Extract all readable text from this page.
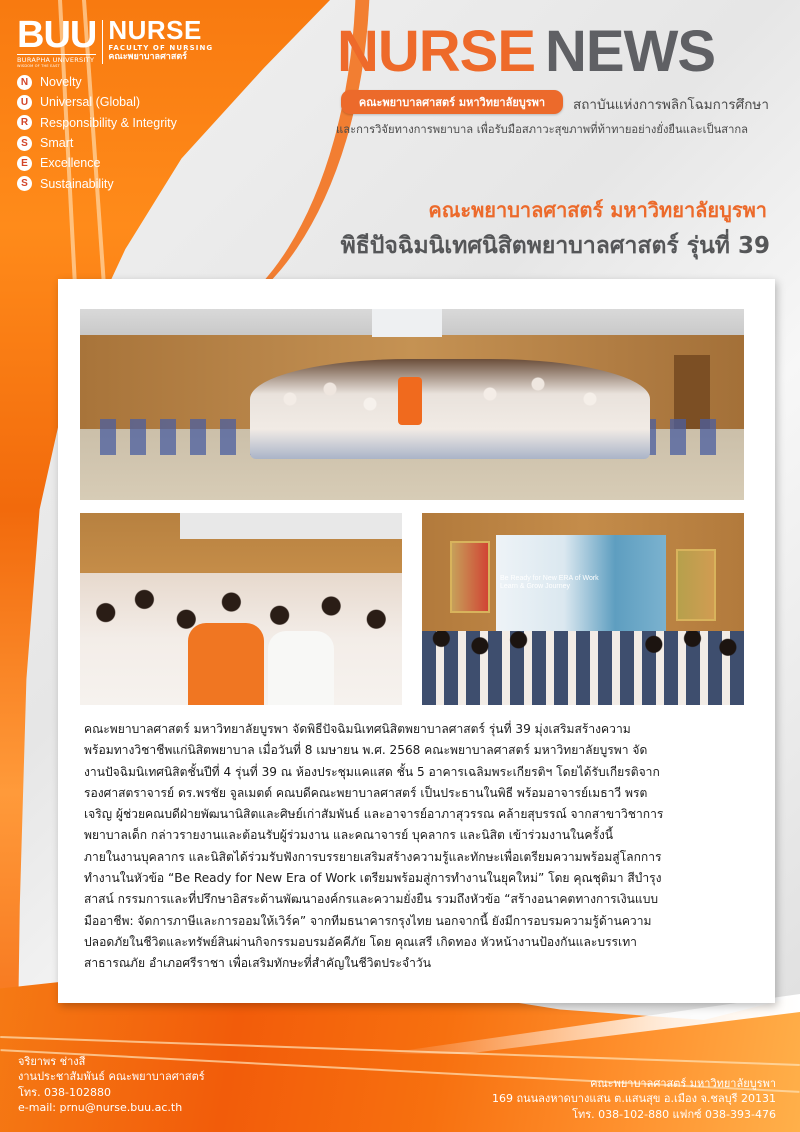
BUU
BURAPHA UNIVERSITY
WISDOM OF THE EAST
NURSE
FACULTY OF NURSING
คณะพยาบาลศาสตร์
N Novelty
U Universal (Global)
R Responsibility & Integrity
S Smart
E Excellence
S Sustainability
NURSE NEWS
คณะพยาบาลศาสตร์ มหาวิทยาลัยบูรพา	สถาบันแห่งการพลิกโฉมการศึกษา
และการวิจัยทางการพยาบาล เพื่อรับมือสภาวะสุขภาพที่ท้าทายอย่างยั่งยืนและเป็นสากล
คณะพยาบาลศาสตร์ มหาวิทยาลัยบูรพา
พิธีปัจฉิมนิเทศนิสิตพยาบาลศาสตร์ รุ่นที่ 39
Be Ready for New ERA of Work
Learn & Grow Journey

คณะพยาบาลศาสตร์ มหาวิทยาลัยบูรพา จัดพิธีปัจฉิมนิเทศนิสิตพยาบาลศาสตร์ รุ่นที่ 39 มุ่งเสริมสร้างความ

พร้อมทางวิชาชีพแก่นิสิตพยาบาล เมื่อวันที่ 8 เมษายน พ.ศ. 2568 คณะพยาบาลศาสตร์ มหาวิทยาลัยบูรพา จัด

งานปัจฉิมนิเทศนิสิตชั้นปีที่ 4 รุ่นที่ 39 ณ ห้องประชุมแคแสด ชั้น 5 อาคารเฉลิมพระเกียรติฯ โดยได้รับเกียรติจาก

รองศาสตราจารย์ ดร.พรชัย จูลเมตต์ คณบดีคณะพยาบาลศาสตร์ เป็นประธานในพิธี พร้อมอาจารย์เมธาวี พรต

เจริญ ผู้ช่วยคณบดีฝ่ายพัฒนานิสิตและศิษย์เก่าสัมพันธ์ และอาจารย์อาภาสุวรรณ คล้ายสุบรรณ์ จากสาขาวิชาการ

พยาบาลเด็ก กล่าวรายงานและต้อนรับผู้ร่วมงาน และคณาจารย์ บุคลากร และนิสิต เข้าร่วมงานในครั้งนี้

ภายในงานบุคลากร และนิสิตได้ร่วมรับฟังการบรรยายเสริมสร้างความรู้และทักษะเพื่อเตรียมความพร้อมสู่โลกการ

ทำงานในหัวข้อ “Be Ready for New Era of Work เตรียมพร้อมสู่การทำงานในยุคใหม่” โดย คุณชุติมา สีบำรุง

สาสน์ กรรมการและที่ปรึกษาอิสระด้านพัฒนาองค์กรและความยั่งยืน รวมถึงหัวข้อ “สร้างอนาคตทางการเงินแบบ

มืออาชีพ: จัดการภาษีและการออมให้เวิร์ค” จากทีมธนาคารกรุงไทย นอกจากนี้ ยังมีการอบรมความรู้ด้านความ

ปลอดภัยในชีวิตและทรัพย์สินผ่านกิจกรรมอบรมอัคคีภัย โดย คุณเสรี เกิดทอง หัวหน้างานป้องกันและบรรเทา

สาธารณภัย อำเภอศรีราชา เพื่อเสริมทักษะที่สำคัญในชีวิตประจำวัน

จริยาพร ช่างสี
งานประชาสัมพันธ์ คณะพยาบาลศาสตร์
โทร. 038-102880
e-mail: prnu@nurse.buu.ac.th
คณะพยาบาลศาสตร์ มหาวิทยาลัยบูรพา
169 ถนนลงหาดบางแสน ต.แสนสุข อ.เมือง จ.ชลบุรี 20131
โทร. 038-102-880 แฟกซ์ 038-393-476
